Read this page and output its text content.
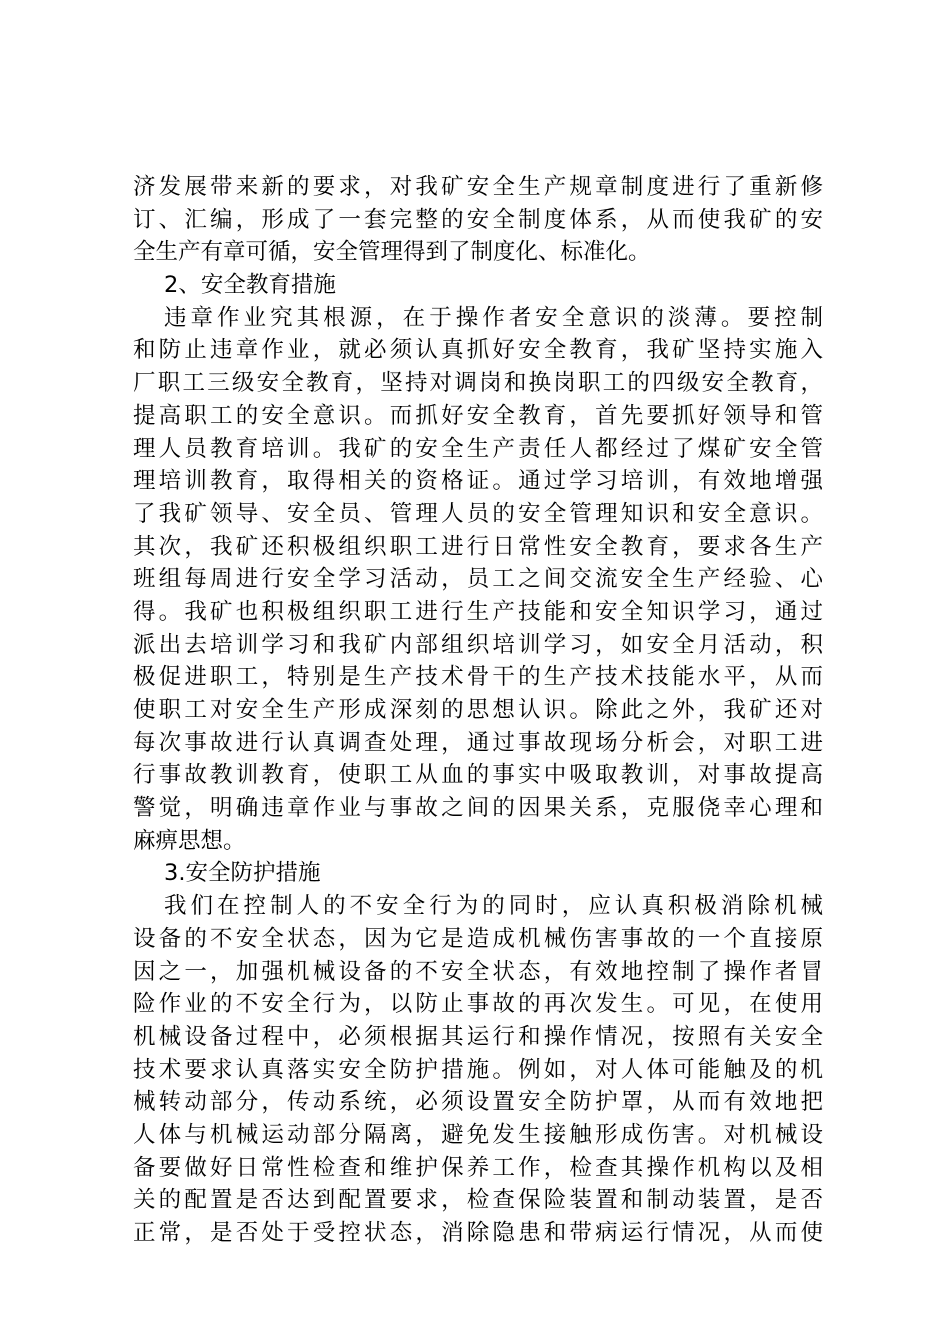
济发展带来新的要求，对我矿安全生产规章制度进行了重新修
订、汇编，形成了一套完整的安全制度体系，从而使我矿的安
全生产有章可循，安全管理得到了制度化、标准化。
2、安全教育措施
违章作业究其根源，在于操作者安全意识的淡薄。要控制
和防止违章作业，就必须认真抓好安全教育，我矿坚持实施入
厂职工三级安全教育，坚持对调岗和换岗职工的四级安全教育，
提高职工的安全意识。而抓好安全教育，首先要抓好领导和管
理人员教育培训。我矿的安全生产责任人都经过了煤矿安全管
理培训教育，取得相关的资格证。通过学习培训，有效地增强
了我矿领导、安全员、管理人员的安全管理知识和安全意识。
其次，我矿还积极组织职工进行日常性安全教育，要求各生产
班组每周进行安全学习活动，员工之间交流安全生产经验、心
得。我矿也积极组织职工进行生产技能和安全知识学习，通过
派出去培训学习和我矿内部组织培训学习，如安全月活动，积
极促进职工，特别是生产技术骨干的生产技术技能水平，从而
使职工对安全生产形成深刻的思想认识。除此之外，我矿还对
每次事故进行认真调查处理，通过事故现场分析会，对职工进
行事故教训教育，使职工从血的事实中吸取教训，对事故提高
警觉，明确违章作业与事故之间的因果关系，克服侥幸心理和
麻痹思想。
3.安全防护措施
我们在控制人的不安全行为的同时，应认真积极消除机械
设备的不安全状态，因为它是造成机械伤害事故的一个直接原
因之一，加强机械设备的不安全状态，有效地控制了操作者冒
险作业的不安全行为，以防止事故的再次发生。可见，在使用
机械设备过程中，必须根据其运行和操作情况，按照有关安全
技术要求认真落实安全防护措施。例如，对人体可能触及的机
械转动部分，传动系统，必须设置安全防护罩，从而有效地把
人体与机械运动部分隔离，避免发生接触形成伤害。对机械设
备要做好日常性检查和维护保养工作，检查其操作机构以及相
关的配置是否达到配置要求，检查保险装置和制动装置，是否
正常，是否处于受控状态，消除隐患和带病运行情况，从而使
